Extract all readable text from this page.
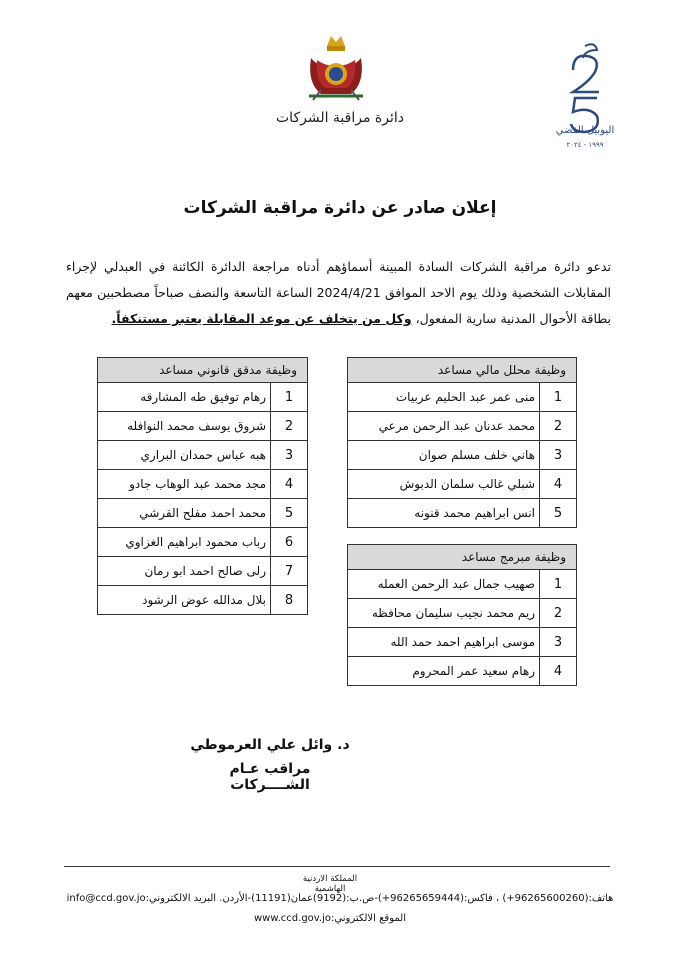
دائرة مراقبة الشركات
اليوبيل الفضي
١٩٩٩ - ٢٠٢٤
إعلان صادر عن دائرة مراقبة الشركات
تدعو دائرة مراقبة الشركات السادة المبينة أسماؤهم أدناه مراجعة الدائرة الكائنة في العبدلي لإجراء المقابلات الشخصية وذلك يوم الاحد الموافق 2024/4/21 الساعة التاسعة والنصف صباحاً مصطحبين معهم بطاقة الأحوال المدنية سارية المفعول، وكل من يتخلف عن موعد المقابلة يعتبر مستنكفاً.
وظيفة محلل مالي مساعد	
1	منى عمر عبد الحليم عربيات
2	محمد عدنان عبد الرحمن مرعي
3	هاني خلف مسلم صوان
4	شبلي غالب سلمان الدبوش
5	انس ابراهيم محمد قنونه
وظيفة مبرمج مساعد	
1	صهيب جمال عبد الرحمن العمله
2	ريم محمد نجيب سليمان محافظه
3	موسى ابراهيم احمد حمد الله
4	رهام سعيد عمر المحروم
وظيفة مدقق قانوني مساعد	
1	رهام توفيق طه المشارقه
2	شروق يوسف محمد النوافله
3	هبه عباس حمدان البراري
4	مجد محمد عبد الوهاب جادو
5	محمد احمد مفلح القرشي
6	رباب محمود ابراهيم الغزاوي
7	رلى صالح احمد ابو رمان
8	بلال مدالله عوض الرشود
د. وائل علي العرموطي
مراقب عـام الشــــركات
المملكة الاردنية الهاشمية
هاتف:(96265600260+) ، فاكس:(96265659444+)-ص.ب:(9192)عمان(11191)-الأردن. البريد الالكتروني:info@ccd.gov.jo
الموقع الالكتروني:www.ccd.gov.jo
